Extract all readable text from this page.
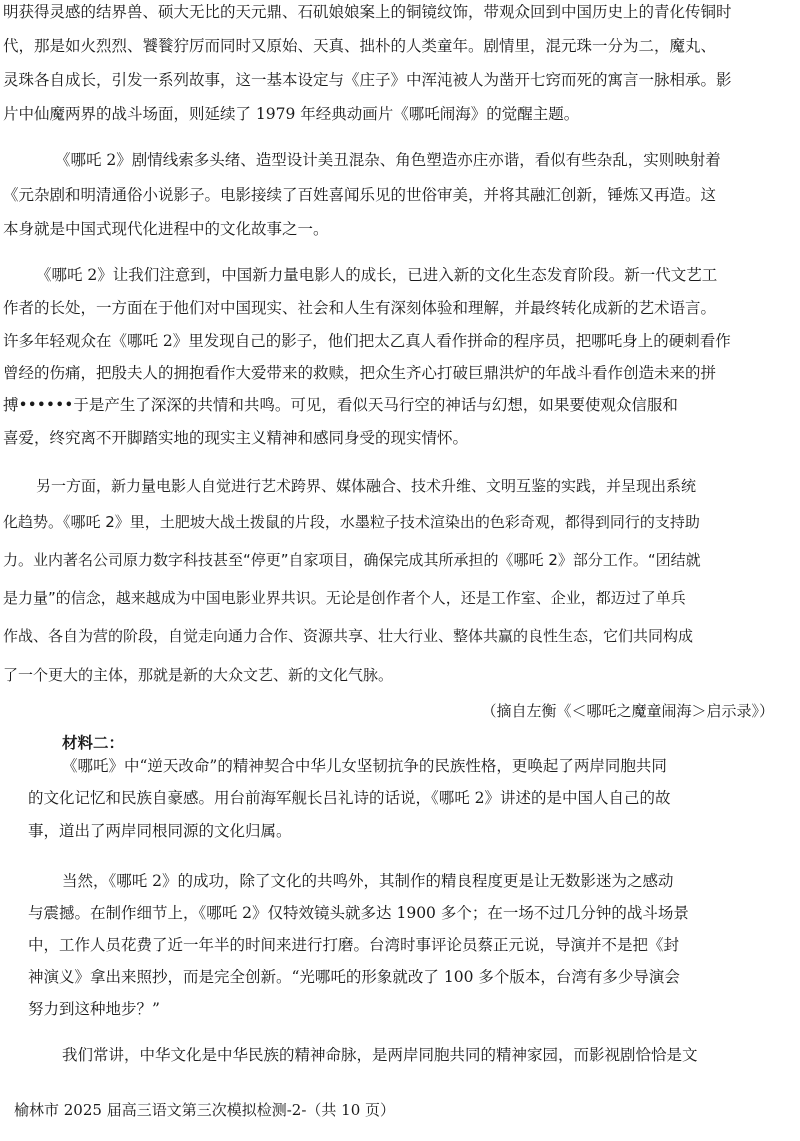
明获得灵感的结界兽、硕大无比的天元鼎、石矶娘娘案上的铜镜纹饰，带观众回到中国历史上的青化传铜时
代，那是如火烈烈、饕餮狞厉而同时又原始、天真、拙朴的人类童年。剧情里，混元珠一分为二，魔丸、
灵珠各自成长，引发一系列故事，这一基本设定与《庄子》中浑沌被人为凿开七窍而死的寓言一脉相承。影
片中仙魔两界的战斗场面，则延续了 1979 年经典动画片《哪吒闹海》的觉醒主题。
《哪吒 2》剧情线索多头绪、造型设计美丑混杂、角色塑造亦庄亦谐，看似有些杂乱，实则映射着
《元杂剧和明清通俗小说影子。电影接续了百姓喜闻乐见的世俗审美，并将其融汇创新，锤炼又再造。这
本身就是中国式现代化进程中的文化故事之一。
《哪吒 2》让我们注意到，中国新力量电影人的成长，已进入新的文化生态发育阶段。新一代文艺工
作者的长处，一方面在于他们对中国现实、社会和人生有深刻体验和理解，并最终转化成新的艺术语言。
许多年轻观众在《哪吒 2》里发现自己的影子，他们把太乙真人看作拼命的程序员，把哪吒身上的硬刺看作
曾经的伤痛，把殷夫人的拥抱看作大爱带来的救赎，把众生齐心打破巨鼎洪炉的年战斗看作创造未来的拼
搏••••••于是产生了深深的共情和共鸣。可见，看似天马行空的神话与幻想，如果要使观众信服和
喜爱，终究离不开脚踏实地的现实主义精神和感同身受的现实情怀。
另一方面，新力量电影人自觉进行艺术跨界、媒体融合、技术升维、文明互鉴的实践，并呈现出系统
化趋势。《哪吒 2》里，土肥坡大战土拨鼠的片段，水墨粒子技术渲染出的色彩奇观，都得到同行的支持助
力。业内著名公司原力数字科技甚至“停更”自家项目，确保完成其所承担的《哪吒 2》部分工作。“团结就
是力量”的信念，越来越成为中国电影业界共识。无论是创作者个人，还是工作室、企业，都迈过了单兵
作战、各自为营的阶段，自觉走向通力合作、资源共享、壮大行业、整体共赢的良性生态，它们共同构成
了一个更大的主体，那就是新的大众文艺、新的文化气脉。
（摘自左衡《＜哪吒之魔童闹海＞启示录》）
材料二：
《哪吒》中“逆天改命”的精神契合中华儿女坚韧抗争的民族性格，更唤起了两岸同胞共同
的文化记忆和民族自豪感。用台前海军舰长吕礼诗的话说，《哪吒 2》讲述的是中国人自己的故
事，道出了两岸同根同源的文化归属。
当然，《哪吒 2》的成功，除了文化的共鸣外，其制作的精良程度更是让无数影迷为之感动
与震撼。在制作细节上，《哪吒 2》仅特效镜头就多达 1900 多个；在一场不过几分钟的战斗场景
中，工作人员花费了近一年半的时间来进行打磨。台湾时事评论员蔡正元说，导演并不是把《封
神演义》拿出来照抄，而是完全创新。“光哪吒的形象就改了 100 多个版本，台湾有多少导演会
努力到这种地步？”
我们常讲，中华文化是中华民族的精神命脉，是两岸同胞共同的精神家园，而影视剧恰恰是文
榆林市 2025 届高三语文第三次模拟检测-2-（共 10 页）
